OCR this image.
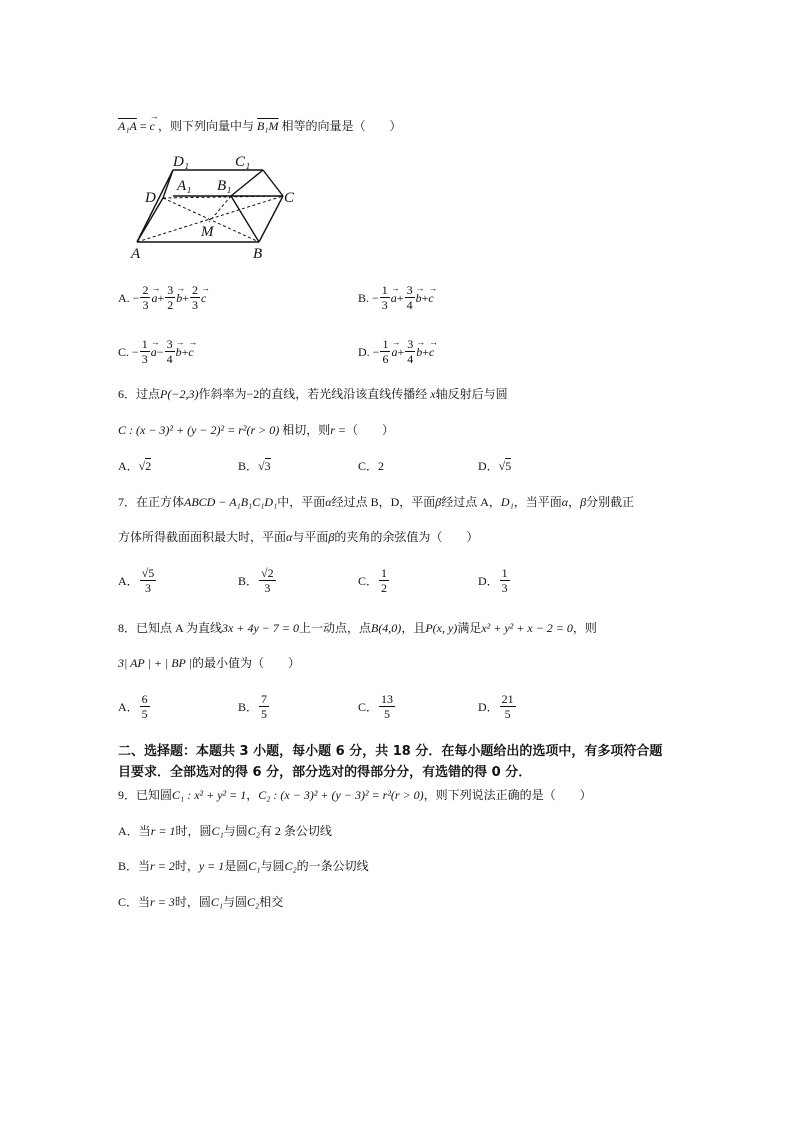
A₁A = → c ，则下列向量中与 B₁M 相等的向量是（　　）
D₁	C₁
A₁ B₁
D	C
M
A	B
A. − $\frac{2}{3} \to a + \frac{3}{2} \to b + \frac{2}{3} \to c$	B. − $\frac{1}{3} \to a + \frac{3}{4} \to b$ + → c
C. − $\frac{1}{3} \to a - \frac{3}{4} \to b$ + → c	D. − $\frac{1}{6} \to a + \frac{3}{4} \to b$ + → c
6．过点P(−2,3)作斜率为−2的直线，若光线沿该直线传播经 x轴反射后与圆
C : (x − 3)² + (y − 2)² = r²(r > 0) 相切，则r =（　　）
A．√2	B．√3	C．2	D．√5
7．在正方体ABCD − A₁B₁C₁D₁中，平面α经过点 B，D，平面β经过点 A，D₁，当平面α，β分别截正
方体所得截面面积最大时，平面α与平面β的夹角的余弦值为（　　）
A． $\frac{√5}{3}$	B． $\frac{√2}{3}$	C． $\frac{1}{2}$	D． $\frac{1}{3}$
8．已知点 A 为直线3x + 4y − 7 = 0上一动点，点B(4,0)，且P(x, y)满足x² + y² + x − 2 = 0，则
3| AP | + | BP |的最小值为（　　）
A． $\frac{6}{5}$	B． $\frac{7}{5}$	C． $\frac{13}{5}$	D． $\frac{21}{5}$
二、选择题：本题共 3 小题，每小题 6 分，共 18 分．在每小题给出的选项中，有多项符合题
目要求．全部选对的得 6 分，部分选对的得部分分，有选错的得 0 分．
9．已知圆C₁ : x² + y² = 1，C₂ : (x − 3)² + (y − 3)² = r²(r > 0)，则下列说法正确的是（　　）
A．当r = 1时，圆C₁与圆C₂有 2 条公切线
B．当r = 2时，y = 1是圆C₁与圆C₂的一条公切线
C．当r = 3时，圆C₁与圆C₂相交
